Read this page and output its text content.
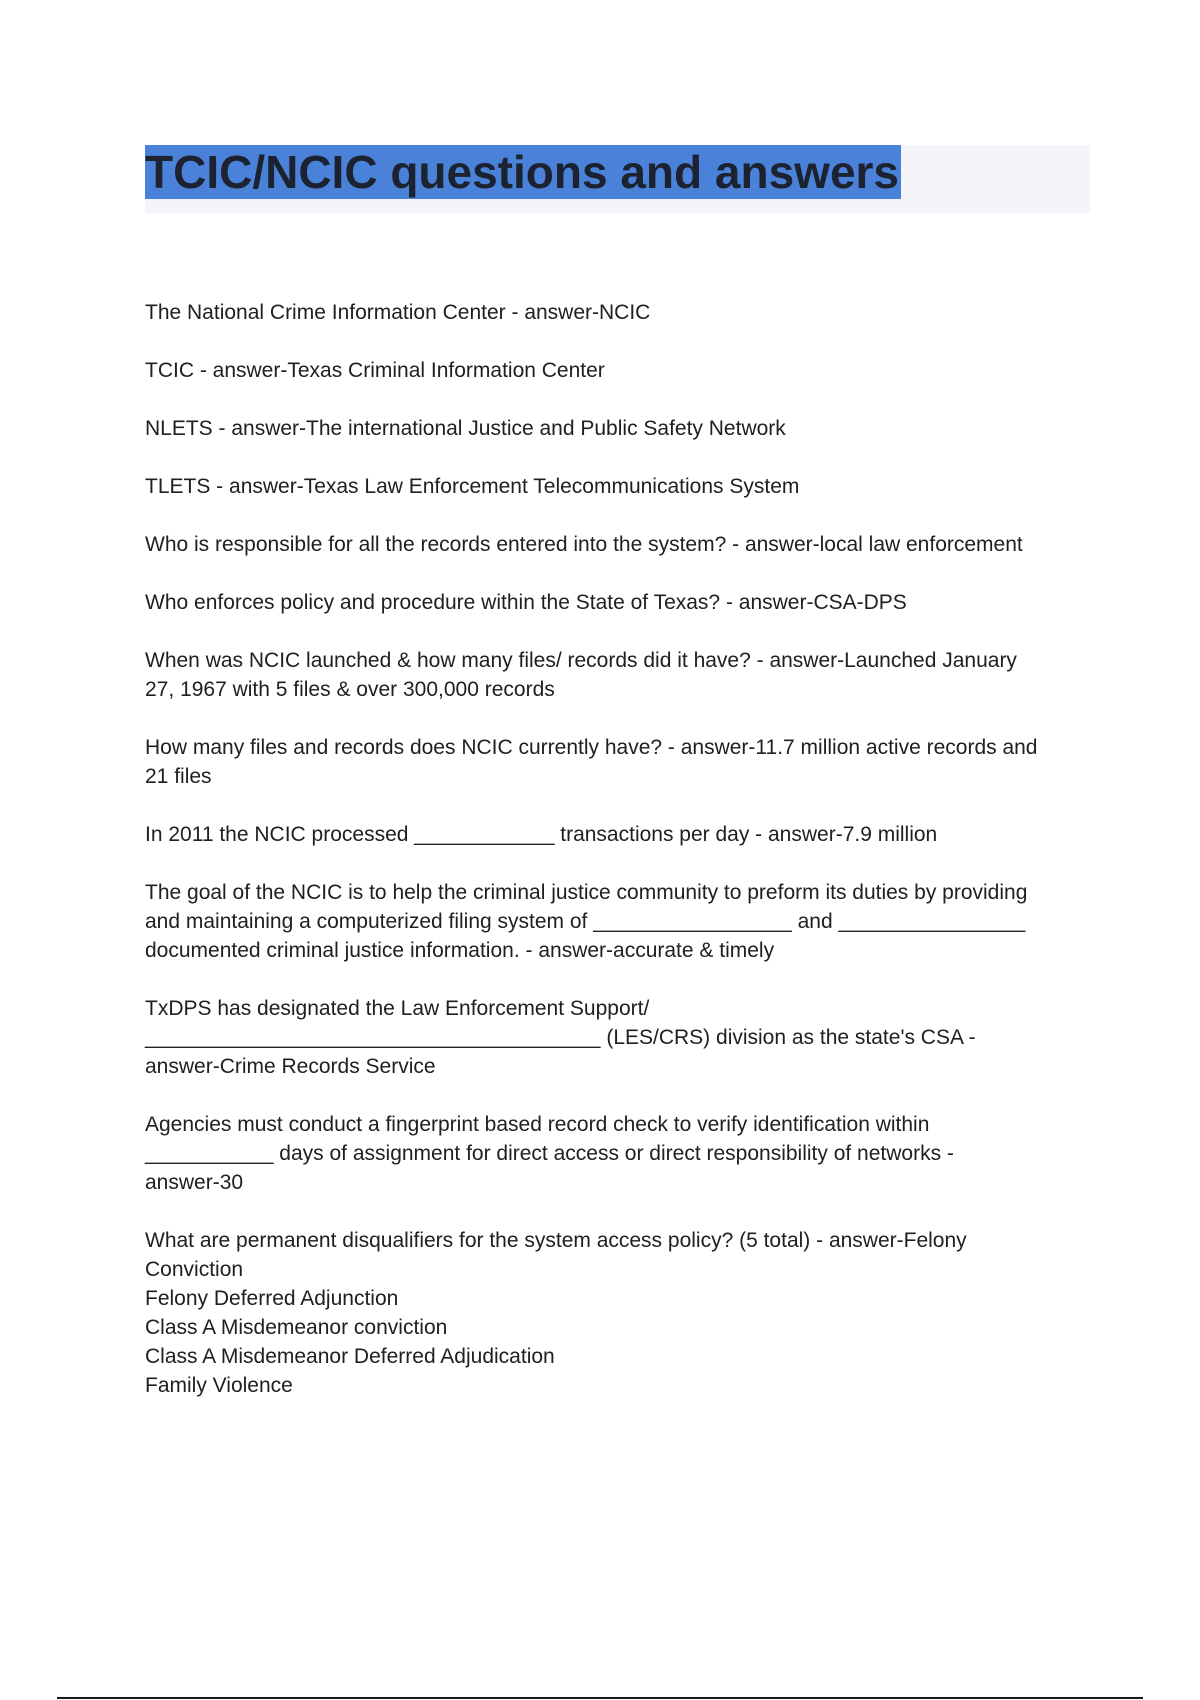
TCIC/NCIC questions and answers
The National Crime Information Center - answer-NCIC
TCIC - answer-Texas Criminal Information Center
NLETS - answer-The international Justice and Public Safety Network
TLETS - answer-Texas Law Enforcement Telecommunications System
Who is responsible for all the records entered into the system? - answer-local law enforcement
Who enforces policy and procedure within the State of Texas? - answer-CSA-DPS
When was NCIC launched & how many files/ records did it have? - answer-Launched January
27, 1967 with 5 files & over 300,000 records
How many files and records does NCIC currently have? - answer-11.7 million active records and
21 files
In 2011 the NCIC processed ____________ transactions per day - answer-7.9 million
The goal of the NCIC is to help the criminal justice community to preform its duties by providing
and maintaining a computerized filing system of _________________ and ________________
documented criminal justice information. - answer-accurate & timely
TxDPS has designated the Law Enforcement Support/
_______________________________________ (LES/CRS) division as the state's CSA -
answer-Crime Records Service
Agencies must conduct a fingerprint based record check to verify identification within
___________ days of assignment for direct access or direct responsibility of networks -
answer-30
What are permanent disqualifiers for the system access policy? (5 total) - answer-Felony
Conviction
Felony Deferred Adjunction
Class A Misdemeanor conviction
Class A Misdemeanor Deferred Adjudication
Family Violence
